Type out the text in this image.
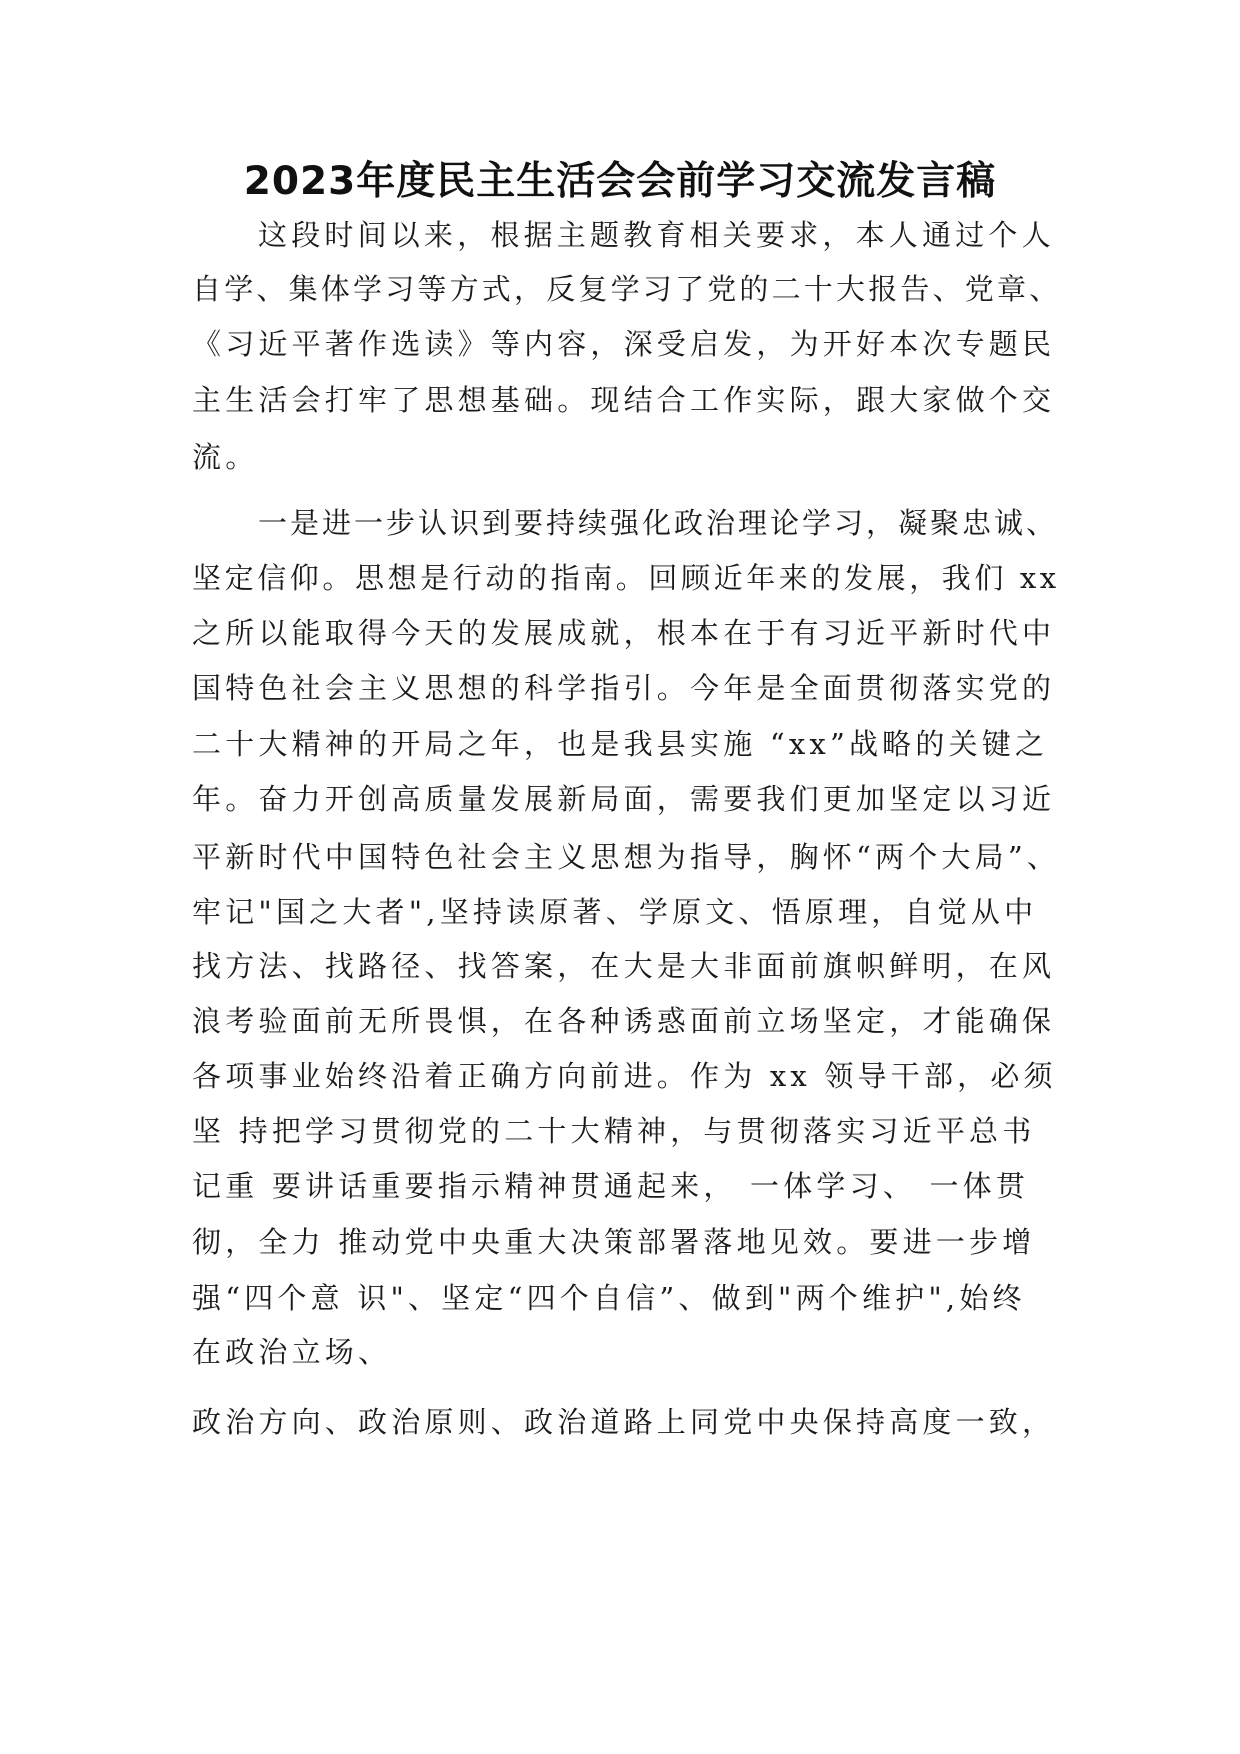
2023年度民主生活会会前学习交流发言稿
这段时间以来，根据主题教育相关要求，本人通过个人
自学、集体学习等方式，反复学习了党的二十大报告、党章、
《习近平著作选读》等内容，深受启发，为开好本次专题民
主生活会打牢了思想基础。现结合工作实际，跟大家做个交
流。
一是进一步认识到要持续强化政治理论学习，凝聚忠诚、
坚定信仰。思想是行动的指南。回顾近年来的发展，我们 xx
之所以能取得今天的发展成就，根本在于有习近平新时代中
国特色社会主义思想的科学指引。今年是全面贯彻落实党的
二十大精神的开局之年，也是我县实施 “xx”战略的关键之
年。奋力开创高质量发展新局面，需要我们更加坚定以习近
平新时代中国特色社会主义思想为指导，胸怀“两个大局”、
牢记"国之大者",坚持读原著、学原文、悟原理，自觉从中
找方法、找路径、找答案，在大是大非面前旗帜鲜明，在风
浪考验面前无所畏惧，在各种诱惑面前立场坚定，才能确保
各项事业始终沿着正确方向前进。作为 xx 领导干部，必须
坚 持把学习贯彻党的二十大精神，与贯彻落实习近平总书
记重 要讲话重要指示精神贯通起来， 一体学习、 一体贯
彻，全力 推动党中央重大决策部署落地见效。要进一步增
强“四个意 识"、坚定“四个自信”、做到"两个维护",始终
在政治立场、
政治方向、政治原则、政治道路上同党中央保持高度一致，
